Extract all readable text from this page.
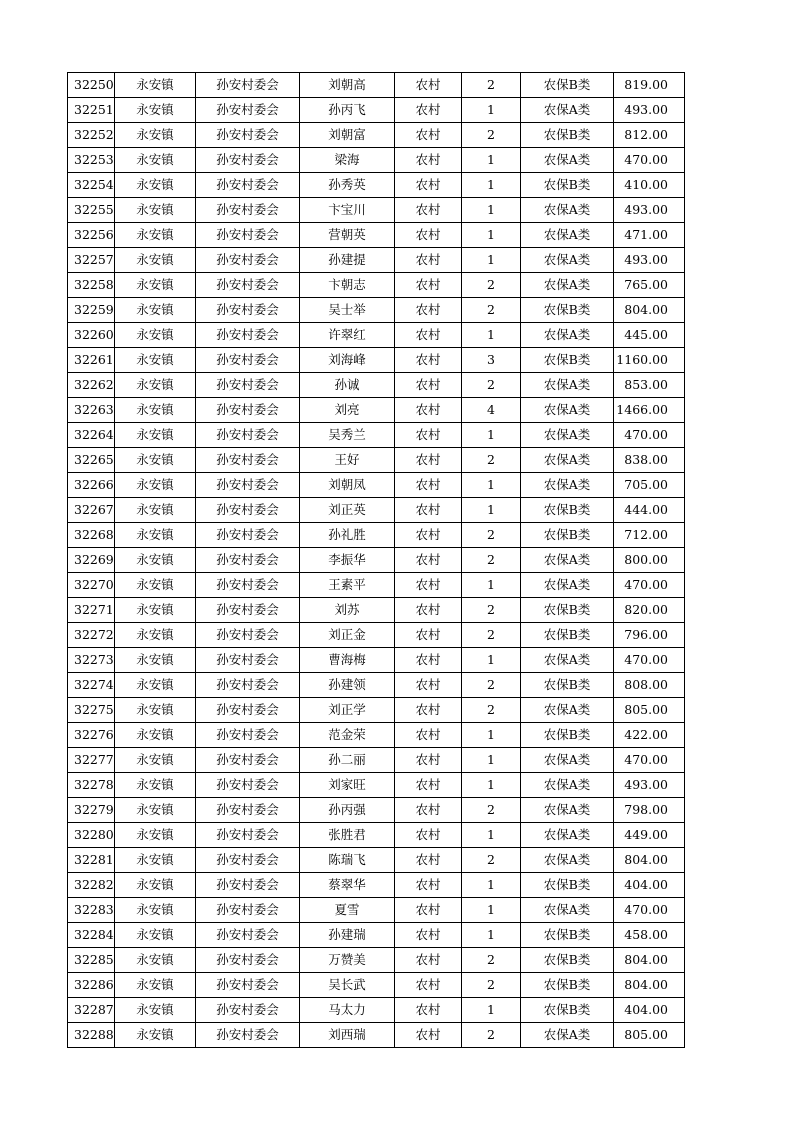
32250	永安镇	孙安村委会	刘朝高	农村	2	农保B类	819.00
32251	永安镇	孙安村委会	孙丙飞	农村	1	农保A类	493.00
32252	永安镇	孙安村委会	刘朝富	农村	2	农保B类	812.00
32253	永安镇	孙安村委会	梁海	农村	1	农保A类	470.00
32254	永安镇	孙安村委会	孙秀英	农村	1	农保B类	410.00
32255	永安镇	孙安村委会	卞宝川	农村	1	农保A类	493.00
32256	永安镇	孙安村委会	营朝英	农村	1	农保A类	471.00
32257	永安镇	孙安村委会	孙建提	农村	1	农保A类	493.00
32258	永安镇	孙安村委会	卞朝志	农村	2	农保A类	765.00
32259	永安镇	孙安村委会	吴士举	农村	2	农保B类	804.00
32260	永安镇	孙安村委会	许翠红	农村	1	农保A类	445.00
32261	永安镇	孙安村委会	刘海峰	农村	3	农保B类	1160.00
32262	永安镇	孙安村委会	孙诚	农村	2	农保A类	853.00
32263	永安镇	孙安村委会	刘亮	农村	4	农保A类	1466.00
32264	永安镇	孙安村委会	吴秀兰	农村	1	农保A类	470.00
32265	永安镇	孙安村委会	王好	农村	2	农保A类	838.00
32266	永安镇	孙安村委会	刘朝凤	农村	1	农保A类	705.00
32267	永安镇	孙安村委会	刘正英	农村	1	农保B类	444.00
32268	永安镇	孙安村委会	孙礼胜	农村	2	农保B类	712.00
32269	永安镇	孙安村委会	李振华	农村	2	农保A类	800.00
32270	永安镇	孙安村委会	王素平	农村	1	农保A类	470.00
32271	永安镇	孙安村委会	刘苏	农村	2	农保B类	820.00
32272	永安镇	孙安村委会	刘正金	农村	2	农保B类	796.00
32273	永安镇	孙安村委会	曹海梅	农村	1	农保A类	470.00
32274	永安镇	孙安村委会	孙建领	农村	2	农保B类	808.00
32275	永安镇	孙安村委会	刘正学	农村	2	农保A类	805.00
32276	永安镇	孙安村委会	范金荣	农村	1	农保B类	422.00
32277	永安镇	孙安村委会	孙二丽	农村	1	农保A类	470.00
32278	永安镇	孙安村委会	刘家旺	农村	1	农保A类	493.00
32279	永安镇	孙安村委会	孙丙强	农村	2	农保A类	798.00
32280	永安镇	孙安村委会	张胜君	农村	1	农保A类	449.00
32281	永安镇	孙安村委会	陈瑞飞	农村	2	农保A类	804.00
32282	永安镇	孙安村委会	蔡翠华	农村	1	农保B类	404.00
32283	永安镇	孙安村委会	夏雪	农村	1	农保A类	470.00
32284	永安镇	孙安村委会	孙建瑞	农村	1	农保B类	458.00
32285	永安镇	孙安村委会	万赞美	农村	2	农保B类	804.00
32286	永安镇	孙安村委会	吴长武	农村	2	农保B类	804.00
32287	永安镇	孙安村委会	马太力	农村	1	农保B类	404.00
32288	永安镇	孙安村委会	刘西瑞	农村	2	农保A类	805.00
